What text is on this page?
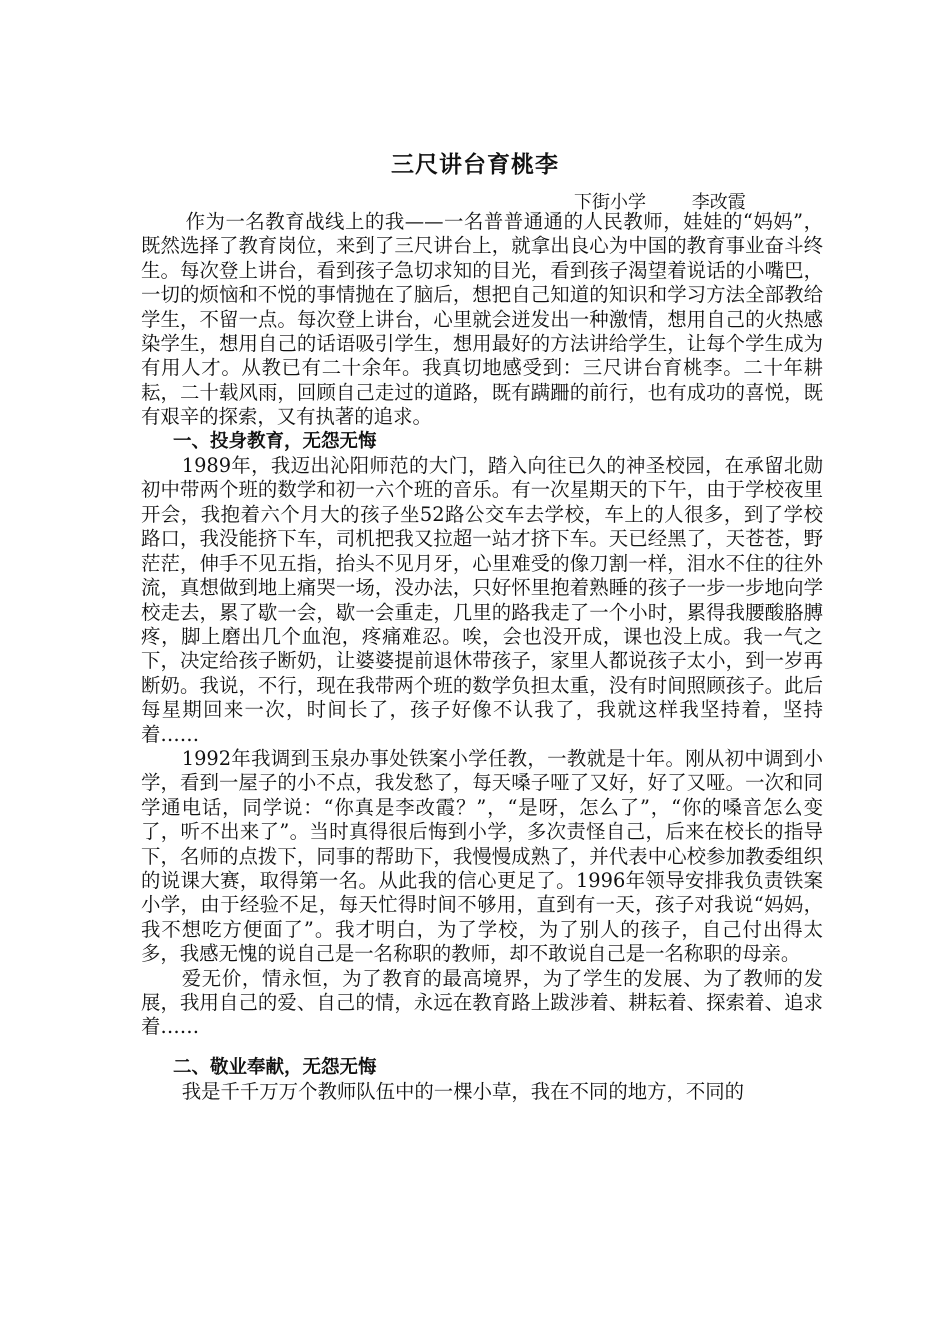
三尺讲台育桃李
下街小学        李改霞

作为一名教育战线上的我——一名普普通通的人民教师，娃娃的“妈妈”，既然选择了教育岗位，来到了三尺讲台上，就拿出良心为中国的教育事业奋斗终生。每次登上讲台，看到孩子急切求知的目光，看到孩子渴望着说话的小嘴巴，一切的烦恼和不悦的事情抛在了脑后，想把自己知道的知识和学习方法全部教给学生，不留一点。每次登上讲台，心里就会迸发出一种激情，想用自己的火热感染学生，想用自己的话语吸引学生，想用最好的方法讲给学生，让每个学生成为有用人才。从教已有二十余年。我真切地感受到：三尺讲台育桃李。二十年耕耘，二十载风雨，回顾自己走过的道路，既有蹒跚的前行，也有成功的喜悦，既有艰辛的探索，又有执著的追求。

一、投身教育，无怨无悔

1989年，我迈出沁阳师范的大门，踏入向往已久的神圣校园，在承留北勋初中带两个班的数学和初一六个班的音乐。有一次星期天的下午，由于学校夜里开会，我抱着六个月大的孩子坐52路公交车去学校，车上的人很多，到了学校路口，我没能挤下车，司机把我又拉超一站才挤下车。天已经黑了，天苍苍，野茫茫，伸手不见五指，抬头不见月牙，心里难受的像刀割一样，泪水不住的往外流，真想做到地上痛哭一场，没办法，只好怀里抱着熟睡的孩子一步一步地向学校走去，累了歇一会，歇一会重走，几里的路我走了一个小时，累得我腰酸胳膊疼，脚上磨出几个血泡，疼痛难忍。唉，会也没开成，课也没上成。我一气之下，决定给孩子断奶，让婆婆提前退休带孩子，家里人都说孩子太小，到一岁再断奶。我说，不行，现在我带两个班的数学负担太重，没有时间照顾孩子。此后每星期回来一次，时间长了，孩子好像不认我了，我就这样我坚持着，坚持着……

1992年我调到玉泉办事处铁案小学任教，一教就是十年。刚从初中调到小学，看到一屋子的小不点，我发愁了，每天嗓子哑了又好，好了又哑。一次和同学通电话，同学说：“你真是李改霞？”，“是呀，怎么了”，“你的嗓音怎么变了，听不出来了”。当时真得很后悔到小学，多次责怪自己，后来在校长的指导下，名师的点拨下，同事的帮助下，我慢慢成熟了，并代表中心校参加教委组织的说课大赛，取得第一名。从此我的信心更足了。1996年领导安排我负责铁案小学，由于经验不足，每天忙得时间不够用，直到有一天，孩子对我说“妈妈，我不想吃方便面了”。我才明白，为了学校，为了别人的孩子，自己付出得太多，我感无愧的说自己是一名称职的教师，却不敢说自己是一名称职的母亲。

爱无价，情永恒，为了教育的最高境界，为了学生的发展、为了教师的发展，我用自己的爱、自己的情，永远在教育路上跋涉着、耕耘着、探索着、追求着……

二、敬业奉献，无怨无悔

我是千千万万个教师队伍中的一棵小草，我在不同的地方，不同的
